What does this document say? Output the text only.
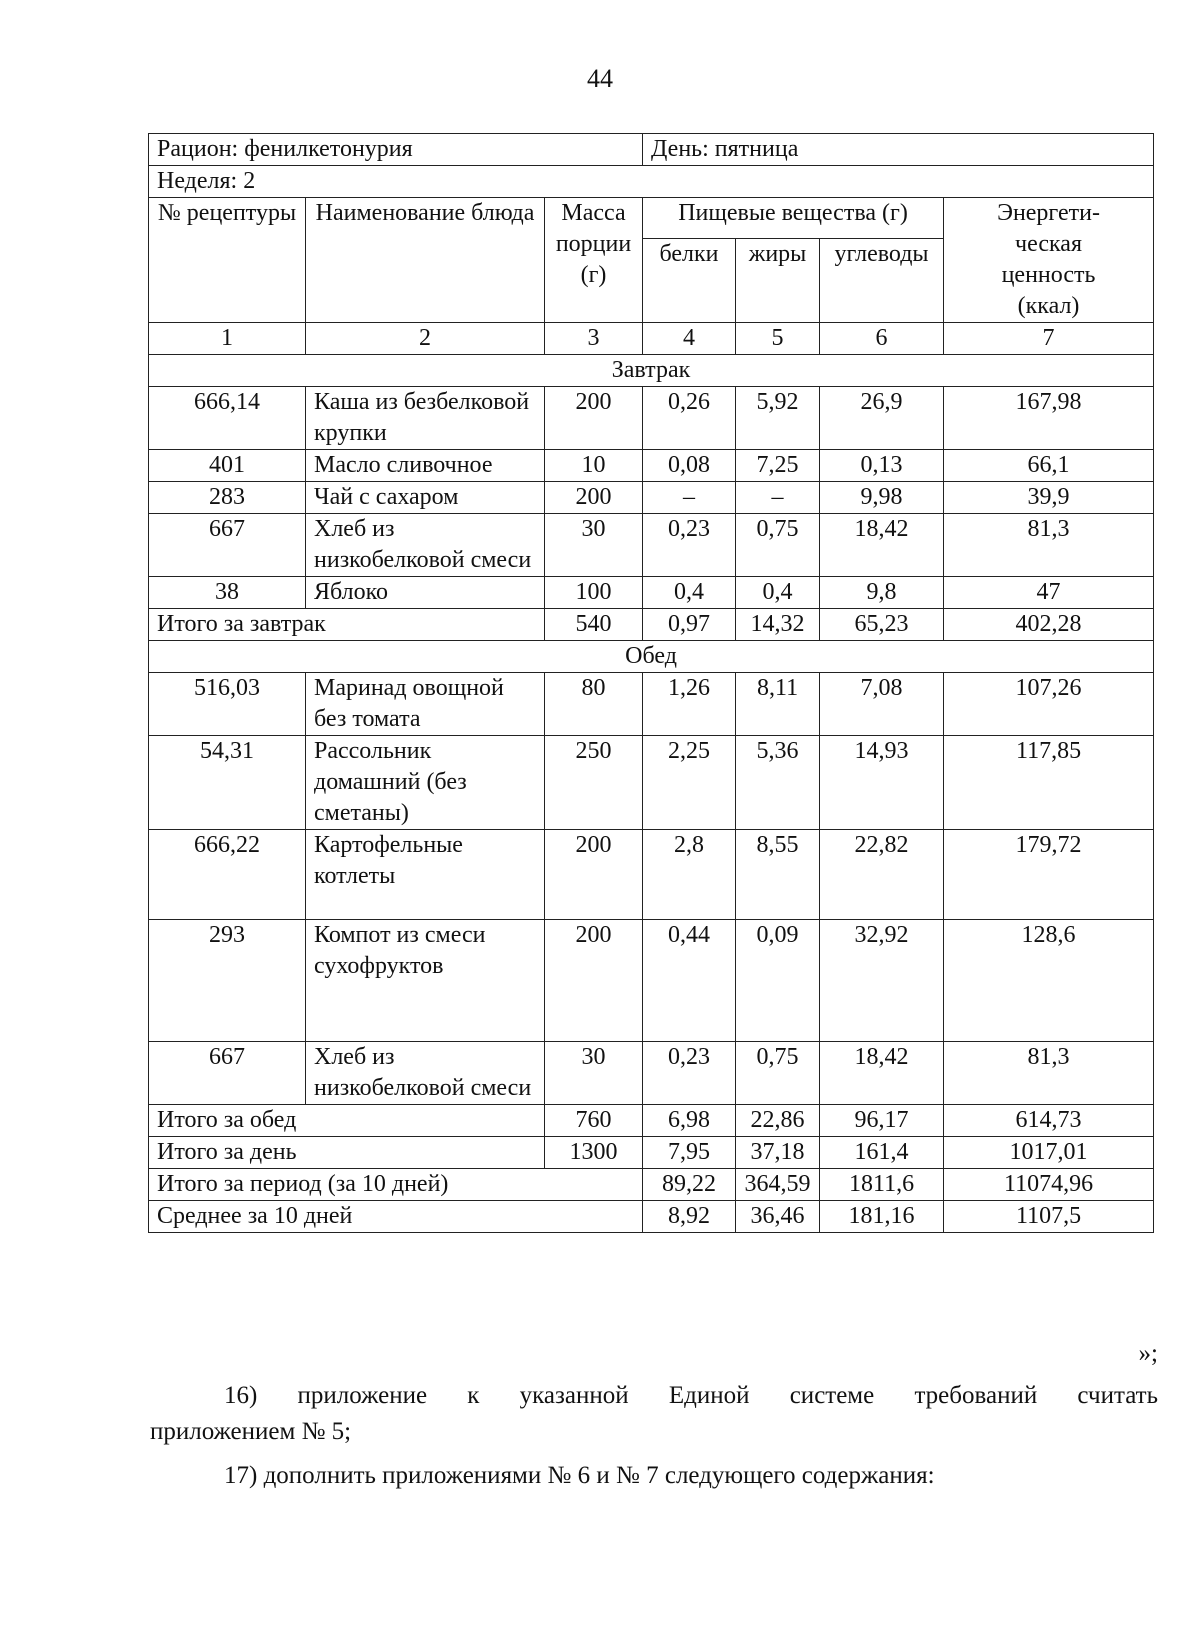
44
Рацион: фенилкетонурия			День: пятница			
Неделя: 2						
№ рецептуры	Наименование блюда	Масса порции (г)	Пищевые вещества (г)			Энергети-
ческая
ценность
(ккал)
			белки	жиры	углеводы	
1	2	3	4	5	6	7
Завтрак						
666,14	Каша из безбелковой крупки	200	0,26	5,92	26,9	167,98
401	Масло сливочное	10	0,08	7,25	0,13	66,1
283	Чай с сахаром	200	–	–	9,98	39,9
667	Хлеб из низкобелковой смеси	30	0,23	0,75	18,42	81,3
38	Яблоко	100	0,4	0,4	9,8	47
Итого за завтрак		540	0,97	14,32	65,23	402,28
Обед						
516,03	Маринад овощной без томата	80	1,26	8,11	7,08	107,26
54,31	Рассольник домашний (без сметаны)	250	2,25	5,36	14,93	117,85
666,22	Картофельные котлеты	200	2,8	8,55	22,82	179,72
293	Компот из смеси сухофруктов	200	0,44	0,09	32,92	128,6
667	Хлеб из низкобелковой смеси	30	0,23	0,75	18,42	81,3
Итого за обед		760	6,98	22,86	96,17	614,73
Итого за день		1300	7,95	37,18	161,4	1017,01
Итого за период (за 10 дней)			89,22	364,59	1811,6	11074,96
Среднее за 10 дней			8,92	36,46	181,16	1107,5
»;
16) приложение к указанной Единой системе требований считать
приложением № 5;
17) дополнить приложениями № 6 и № 7 следующего содержания:
